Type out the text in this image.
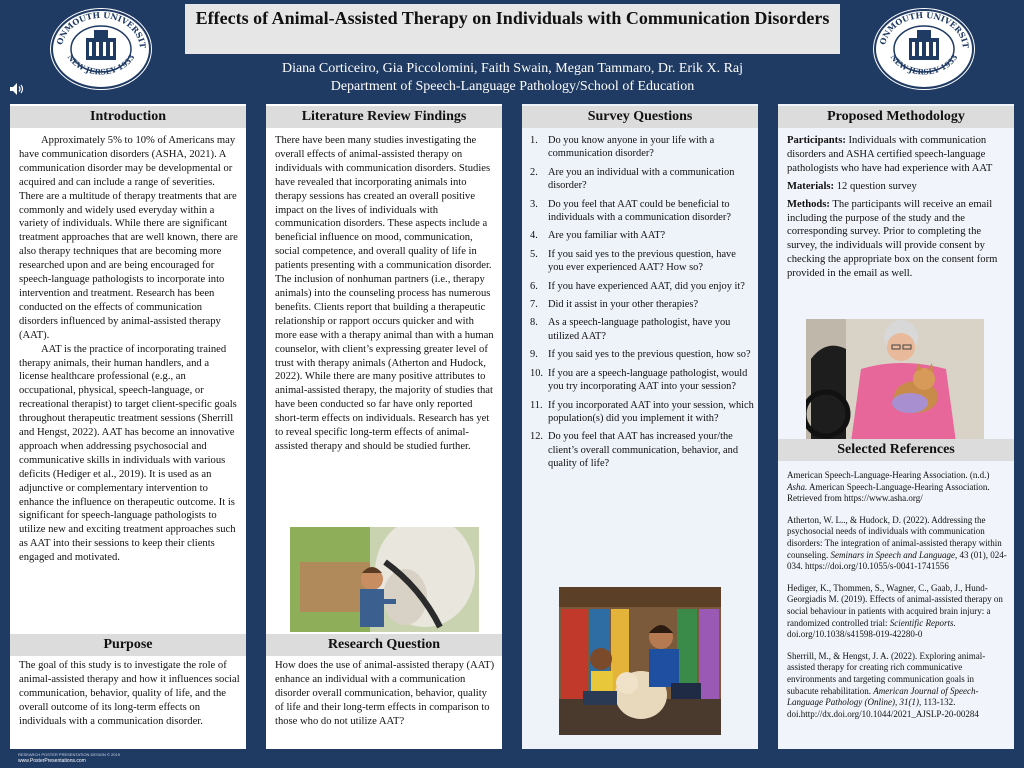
ONMOUTH UNIVERSIT
NEW JERSEY 1933
ONMOUTH UNIVERSIT
NEW JERSEY 1933
Effects of Animal-Assisted Therapy on Individuals with Communication Disorders
Diana Corticeiro, Gia Piccolomini, Faith Swain, Megan Tammaro, Dr. Erik X. Raj
Department of Speech-Language Pathology/School of Education
Introduction

Approximately 5% to 10% of Americans may have communication disorders (ASHA, 2021). A communication disorder may be developmental or acquired and can include a range of severities. There are a multitude of therapy treatments that are commonly and widely used everyday within a variety of individuals. While there are significant treatment approaches that are well known, there are also therapy techniques that are becoming more researched upon and are being encouraged for speech-language pathologists to incorporate into intervention and treatment. Research has been conducted on the effects of communication disorders influenced by animal-assisted therapy (AAT).

AAT is the practice of incorporating trained therapy animals, their human handlers, and a license healthcare professional (e.g., an occupational, physical, speech-language, or recreational therapist) to target client-specific goals throughout therapeutic treatment sessions (Sherrill and Hengst, 2022). AAT has become an innovative approach when addressing psychosocial and communicative skills in individuals with various deficits (Hediger et al., 2019). It is used as an adjunctive or complementary intervention to enhance the influence on therapeutic outcome. It is significant for speech-language pathologists to utilize new and exciting treatment approaches such as AAT into their sessions to keep their clients engaged and motivated.

Purpose
The goal of this study is to investigate the role of animal-assisted therapy and how it influences social communication, behavior, quality of life, and the overall outcome of its long-term effects on individuals with a communication disorder.
Literature Review Findings
There have been many studies investigating the overall effects of animal-assisted therapy on individuals with communication disorders. Studies have revealed that incorporating animals into therapy sessions has created an overall positive impact on the lives of individuals with communication disorders. These aspects include a beneficial influence on mood, communication, social competence, and overall quality of life in patients presenting with a communication disorder. The inclusion of nonhuman partners (i.e., therapy animals) into the counseling process has numerous benefits. Clients report that building a therapeutic relationship or rapport occurs quicker and with more ease with a therapy animal than with a human counselor, with client’s expressing greater level of trust with therapy animals (Atherton and Hudock, 2022). While there are many positive attributes to animal-assisted therapy, the majority of studies that have been conducted so far have only reported short-term effects on individuals. Research has yet to reveal specific long-term effects of animal-assisted therapy and should be studied further.
Research Question
How does the use of animal-assisted therapy (AAT) enhance an individual with a communication disorder overall communication, behavior, quality of life and their long-term effects in comparison to those who do not utilize AAT?
Survey Questions
1. Do you know anyone in your life with a communication disorder?
2. Are you an individual with a communication disorder?
3. Do you feel that AAT could be beneficial to individuals with a communication disorder?
4. Are you familiar with AAT?
5. If you said yes to the previous question, have you ever experienced AAT? How so?
6. If you have experienced AAT, did you enjoy it?
7. Did it assist in your other therapies?
8. As a speech-language pathologist, have you utilized AAT?
9. If you said yes to the previous question, how so?
10. If you are a speech-language pathologist, would you try incorporating AAT into your session?
11. If you incorporated AAT into your session, which population(s) did you implement it with?
12. Do you feel that AAT has increased your/the client’s overall communication, behavior, and quality of life?
Proposed Methodology
Participants: Individuals with communication disorders and ASHA certified speech-language pathologists who have had experience with AAT
Materials: 12 question survey
Methods: The participants will receive an email including the purpose of the study and the corresponding survey. Prior to completing the survey, the individuals will provide consent by checking the appropriate box on the consent form provided in the email as well.
Selected References
American Speech-Language-Hearing Association. (n.d.) Asha. American Speech-Language-Hearing Association. Retrieved from https://www.asha.org/
Atherton, W. L.., & Hudock, D. (2022). Addressing the psychosocial needs of individuals with communication disorders: The integration of animal-assisted therapy within counseling. Seminars in Speech and Language, 43 (01), 024-034. https://doi.org/10.1055/s-0041-1741556
Hediger, K., Thommen, S., Wagner, C., Gaab, J., Hund-Georgiadis M. (2019). Effects of animal-assisted therapy on social behaviour in patients with acquired brain injury: a randomized controlled trial: Scientific Reports. doi.org/10.1038/s41598-019-42280-0
Sherrill, M., & Hengst, J. A. (2022). Exploring animal-assisted therapy for creating rich communicative environments and targeting communication goals in subacute rehabilitation. American Journal of Speech-Language Pathology (Online), 31(1), 113-132. doi.http://dx.doi.org/10.1044/2021_AJSLP-20-00284
RESEARCH POSTER PRESENTATION DESIGN © 2019
www.PosterPresentations.com
